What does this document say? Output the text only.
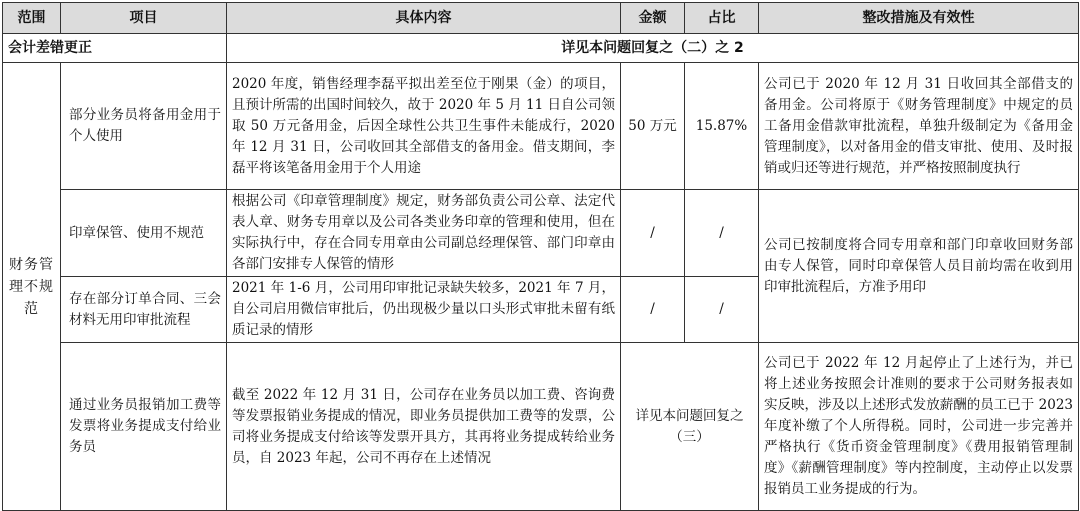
范围	项目	具体内容	金额	占比	整改措施及有效性
会计差错更正		详见本问题回复之（二）之 2			
财务管理不规范	部分业务员将备用金用于个人使用	2020 年度，销售经理李磊平拟出差至位于刚果（金）的项目，且预计所需的出国时间较久，故于 2020 年 5 月 11 日自公司领取 50 万元备用金，后因全球性公共卫生事件未能成行，2020 年 12 月 31 日，公司收回其全部借支的备用金。借支期间，李磊平将该笔备用金用于个人用途	50 万元	15.87%	公司已于 2020 年 12 月 31 日收回其全部借支的备用金。公司将原于《财务管理制度》中规定的员工备用金借款审批流程，单独升级制定为《备用金管理制度》，以对备用金的借支审批、使用、及时报销或归还等进行规范，并严格按照制度执行
	印章保管、使用不规范	根据公司《印章管理制度》规定，财务部负责公司公章、法定代表人章、财务专用章以及公司各类业务印章的管理和使用，但在实际执行中，存在合同专用章由公司副总经理保管、部门印章由各部门安排专人保管的情形	/	/	公司已按制度将合同专用章和部门印章收回财务部由专人保管，同时印章保管人员目前均需在收到用印审批流程后，方准予用印
	存在部分订单合同、三会材料无用印审批流程	2021 年 1-6 月，公司用印审批记录缺失较多，2021 年 7 月，自公司启用微信审批后，仍出现极少量以口头形式审批未留有纸质记录的情形	/	/	
	通过业务员报销加工费等发票将业务提成支付给业务员	截至 2022 年 12 月 31 日，公司存在业务员以加工费、咨询费等发票报销业务提成的情况，即业务员提供加工费等的发票，公司将业务提成支付给该等发票开具方，其再将业务提成转给业务员，自 2023 年起，公司不再存在上述情况	详见本问题回复之（三）		公司已于 2022 年 12 月起停止了上述行为，并已将上述业务按照会计准则的要求于公司财务报表如实反映，涉及以上述形式发放薪酬的员工已于 2023 年度补缴了个人所得税。同时，公司进一步完善并严格执行《货币资金管理制度》《费用报销管理制度》《薪酬管理制度》等内控制度，主动停止以发票报销员工业务提成的行为。
